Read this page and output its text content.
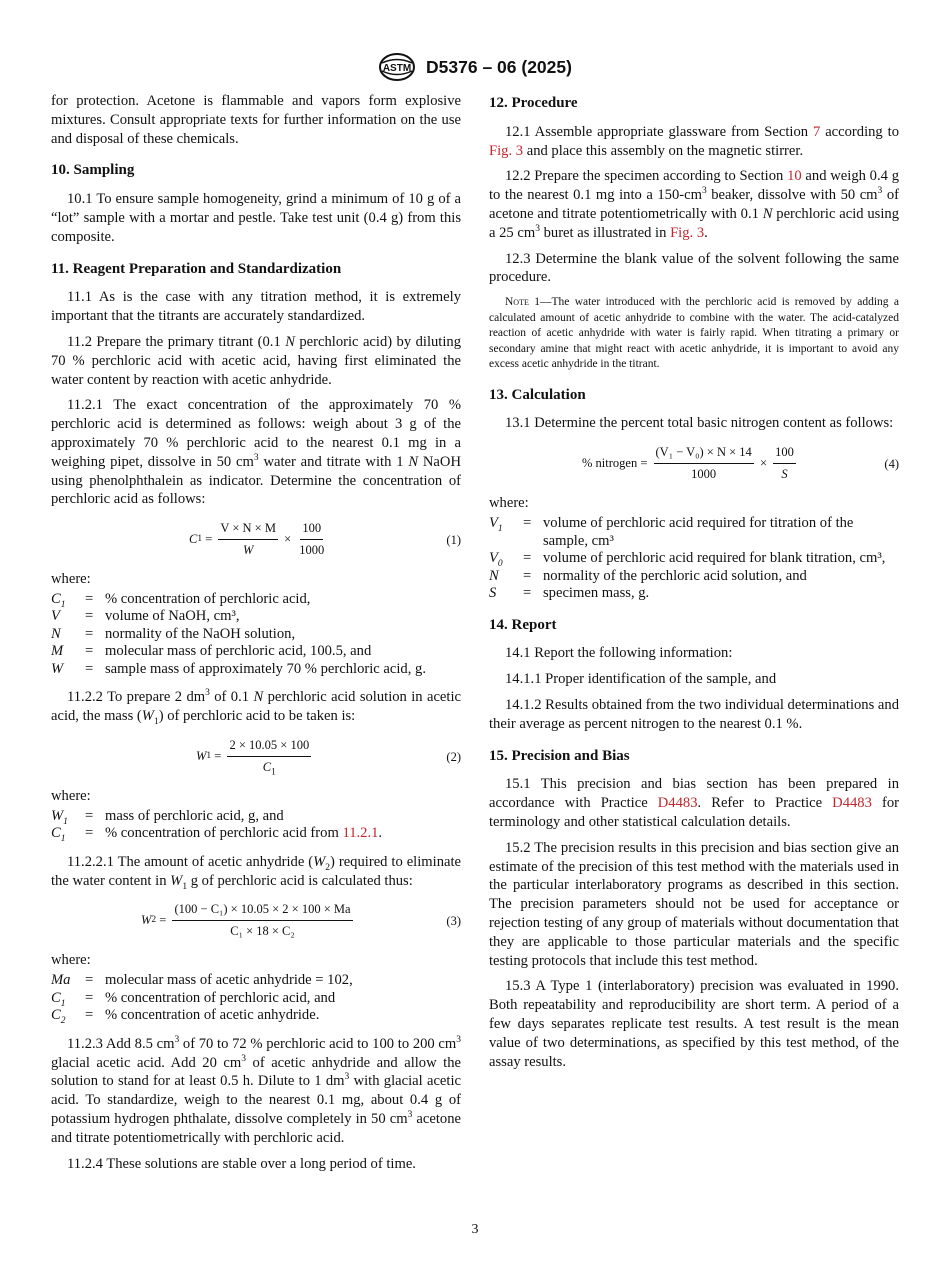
ASTM D5376 – 06 (2025)

for protection. Acetone is flammable and vapors form explosive mixtures. Consult appropriate texts for further information on the use and disposal of these chemicals.

10. Sampling

10.1 To ensure sample homogeneity, grind a minimum of 10 g of a “lot” sample with a mortar and pestle. Take test unit (0.4 g) from this composite.

11. Reagent Preparation and Standardization

11.1 As is the case with any titration method, it is extremely important that the titrants are accurately standardized.

11.2 Prepare the primary titrant (0.1 N perchloric acid) by diluting 70 % perchloric acid with acetic acid, having first eliminated the water content by reaction with acetic anhydride.

11.2.1 The exact concentration of the approximately 70 % perchloric acid is determined as follows: weigh about 3 g of the approximately 70 % perchloric acid to the nearest 0.1 mg in a weighing pipet, dissolve in 50 $cm^3$ water and titrate with 1 N NaOH using phenolphthalein as indicator. Determine the concentration of perchloric acid as follows:

C $1 = \frac{V \times N \times M}{W} \times \frac{100}{1000}$	(1)
where:
$C_1$	=	% concentration of perchloric acid,
V	=	volume of NaOH, cm³,
N	=	normality of the NaOH solution,
M	=	molecular mass of perchloric acid, 100.5, and
W	=	sample mass of approximately 70 % perchloric acid, g.

11.2.2 To prepare 2 $dm^3$ of 0.1 N perchloric acid solution in acetic acid, the mass $(W_1)$ of perchloric acid to be taken is:

W $1 = \frac{2 \times 10.05 \times 100}{C_1}$	(2)
where:
$W_1$	=	mass of perchloric acid, g, and
$C_1$	=	% concentration of perchloric acid from 11.2.1.

11.2.2.1 The amount of acetic anhydride $(W_2)$ required to eliminate the water content in $W_1$ g of perchloric acid is calculated thus:

W $2 = \frac{\text{(100 − C₁) × 10.05 × 2 × 100 × Ma}}{\text{C₁ × 18 × C₂}}$	(3)
where:
Ma	=	molecular mass of acetic anhydride = 102,
$C_1$	=	% concentration of perchloric acid, and
$C_2$	=	% concentration of acetic anhydride.

11.2.3 Add 8.5 $cm^3$ of 70 to 72 % perchloric acid to 100 to 200 $cm^3$ glacial acetic acid. Add 20 $cm^3$ of acetic anhydride and allow the solution to stand for at least 0.5 h. Dilute to 1 $dm^3$ with glacial acetic acid. To standardize, weigh to the nearest 0.1 mg, about 0.4 g of potassium hydrogen phthalate, dissolve completely in 50 $cm^3$ acetone and titrate potentiometrically with perchloric acid.

11.2.4 These solutions are stable over a long period of time.

12. Procedure

12.1 Assemble appropriate glassware from Section 7 according to Fig. 3 and place this assembly on the magnetic stirrer.

12.2 Prepare the specimen according to Section 10 and weigh 0.4 g to the nearest 0.1 mg into a $150-cm^3$ beaker, dissolve with 50 $cm^3$ of acetone and titrate potentiometrically with 0.1 N perchloric acid using a 25 $cm^3$ buret as illustrated in Fig. 3.

12.3 Determine the blank value of the solvent following the same procedure.

Note 1—The water introduced with the perchloric acid is removed by adding a calculated amount of acetic anhydride to combine with the water. The acid-catalyzed reaction of acetic anhydride with water is fairly rapid. When titrating a primary or secondary amine that might react with acetic anhydride, it is important to avoid any excess acetic anhydride in the titrant.
13. Calculation

13.1 Determine the percent total basic nitrogen content as follows:

% nitrogen = $\frac{\text{(V₁ − V₀) × N × 14}}{1000} \times \frac{100}{S}$	(4)
where:
$V_1$	=	volume of perchloric acid required for titration of the sample, cm³
$V_0$	=	volume of perchloric acid required for blank titration, cm³,
N	=	normality of the perchloric acid solution, and
S	=	specimen mass, g.
14. Report

14.1 Report the following information:

14.1.1 Proper identification of the sample, and

14.1.2 Results obtained from the two individual determinations and their average as percent nitrogen to the nearest 0.1 %.

15. Precision and Bias

15.1 This precision and bias section has been prepared in accordance with Practice D4483. Refer to Practice D4483 for terminology and other statistical calculation details.

15.2 The precision results in this precision and bias section give an estimate of the precision of this test method with the materials used in the particular interlaboratory programs as described in this section. The precision parameters should not be used for acceptance or rejection testing of any group of materials without documentation that they are applicable to those particular materials and the specific testing protocols that include this test method.

15.3 A Type 1 (interlaboratory) precision was evaluated in 1990. Both repeatability and reproducibility are short term. A period of a few days separates replicate test results. A test result is the mean value of two determinations, as specified by this test method, of the assay results.

3
